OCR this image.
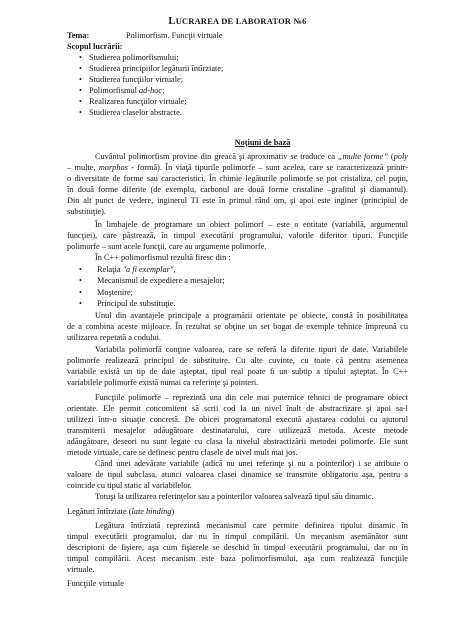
LUCRAREA DE LABORATOR №6
Tema:	Polimorfism. Funcţii virtuale
Scopul lucrării:
• Studierea polimorfismului;
• Studierea principiilor legăturii întîrziate;
• Studierea funcţiilor virtuale;
• Polimorfismul ad-hoc;
• Realizarea funcţiilor virtuale;
• Studierea claselor abstracte.
Noţiuni de bază
Cuvântul polimorfism provine din greacă şi aproximativ se traduce ca „multe forme” (poly
– multe, morphos - formă). În viaţă tipurile polimorfe – sunt acelea, care se caracterizează printr-
o diversitate de forme sau caracteristici. În chimie legăturile polimorfe se pot cristaliza, cel puţin,
în două forme diferite (de exemplu, carbonul are două forme cristaline –grafitul şi diamantul).
Din alt punct de vedere, inginerul TI este în primul rând om, şi apoi este inginer (principiul de
substituţie).
În limbajele de programare un obiect polimorf – este o entitate (variabilă, argumentul
funcţiei), care păstrează, în timpul executării programului, valorile diferitor tipuri. Funcţiile
polimorfe – sunt acele funcţii, care au argumente polimorfe.
În C++ polimorfismul rezultă firesc din :
• Relaţia "a fi exemplar",
• Mecanismul de expediere a mesajelor;
• Moştenire;
• Principul de substituţie.
Unul din avantajele principale a programării orientate pe obiecte, constă în posibilitatea
de a combina aceste mijloace. În rezultat se obţine un set bogat de exemple tehnice împreună cu
utilizarea repetată a codului.
Variabila polimorfă conţine valoarea, care se referă la diferite tipuri de date. Variabilele
polimorfe realizează principul de substituire. Cu alte cuvinte, cu toate că pentru asemenea
variabile există un tip de date aşteptat, tipul real poate fi un subtip a tipului aşteptat. În C++
variabilele polimorfe există numai ca referinţe şi pointeri.
Funcţiile polimorfe – reprezintă una din cele mai puternice tehnici de programare obiect
orientate. Ele permit concomitent să scrii cod la un nivel înalt de abstractizare şi apoi sa-l
utilizezi într-o situaţie concretă. De obicei programatorul execută ajustarea codului cu ajutorul
transmiterii mesajelor adăugătoare destinatarului, care utilizează metoda. Aceste metode
adăugătoare, deseori nu sunt legate cu clasa la nivelul abstractizării metodei polimorfe. Ele sunt
metode virtuale, care se definesc pentru clasele de nivel mult mai jos.
Când unei adevărate variabile (adică nu unei referinţe şi nu a pointerilor) i se atribuie o
valoare de tipul subclasa, atunci valoarea clasei dinamice se transmite obligatoriu aşa, pentru a
coincide cu tipul static al variabilelor.
Totuşi la utilizarea referinţelor sau a pointerilor valoarea salvează tipul său dinamic.
Legături întîrziate (late binding)
Legătura întîrziată reprezintă mecanismul care permite definirea tipului dinamic în
timpul executării programului, dar nu în timpul compilării. Un mecanism asemănător sunt
descriptorii de fişiere, aşa cum fişierele se deschid în timpul executării programului, dar nu în
timpul compilării. Acest mecanism este baza polimorfismului, aşa cum realizează funcţiile
virtuale.
Funcţiile virtuale
